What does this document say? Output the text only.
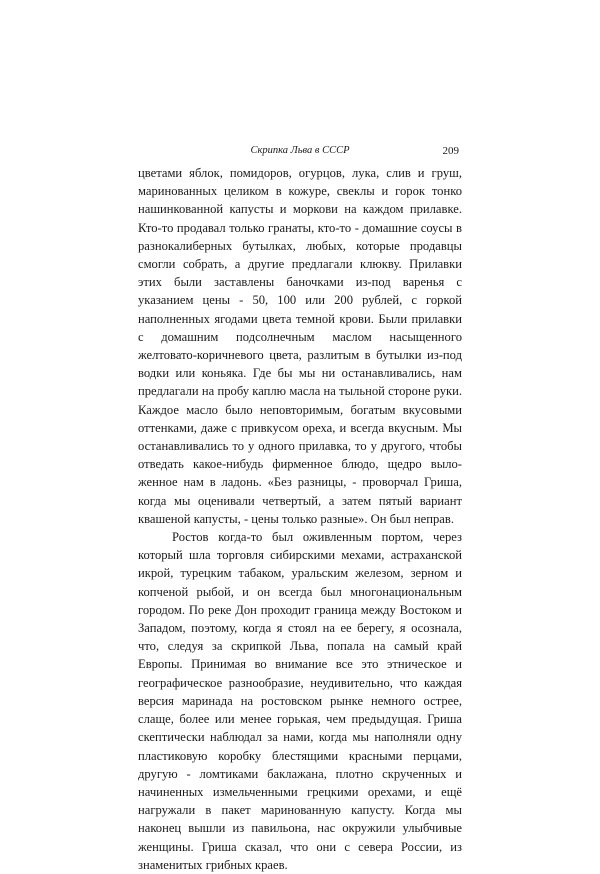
Скрипка Льва в СССР	209

цветами яблок, помидоров, огурцов, лука, слив и груш, маринованных целиком в кожуре, свеклы и горок тонко нашинкованной капусты и моркови на каждом прилавке. Кто-то продавал только гранаты, кто-то - домашние соусы в разнокалиберных бутылках, любых, которые продавцы смогли собрать, а другие предлагали клюкву. Прилавки этих были заставлены баночками из-под варенья с указанием цены - 50, 100 или 200 рублей, с горкой наполненных ягодами цвета темной крови. Были прилавки с домашним подсолнечным маслом насыщенного желтовато-коричневого цвета, разлитым в бутылки из-под водки или коньяка. Где бы мы ни останавливались, нам предлагали на пробу каплю масла на тыльной стороне руки. Каждое масло было неповторимым, богатым вкусовыми оттенками, даже с привкусом ореха, и всегда вкусным. Мы останавливались то у одного прилавка, то у другого, чтобы отведать какое-нибудь фирменное блюдо, щедро выложенное нам в ладонь. «Без разницы, - проворчал Гриша, когда мы оценивали четвертый, а затем пятый вариант квашеной капусты, - цены только разные». Он был неправ.

Ростов когда-то был оживленным портом, через который шла торговля сибирскими мехами, астраханской икрой, турецким табаком, уральским железом, зерном и копченой рыбой, и он всегда был многонациональным городом. По реке Дон проходит граница между Востоком и Западом, поэтому, когда я стоял на ее берегу, я осознала, что, следуя за скрипкой Льва, попала на самый край Европы. Принимая во внимание все это этническое и географическое разнообразие, неудивительно, что каждая версия маринада на ростовском рынке немного острее, слаще, более или менее горькая, чем предыдущая. Гриша скептически наблюдал за нами, когда мы наполняли одну пластиковую коробку блестящими красными перцами, другую - ломтиками баклажана, плотно скрученных и начиненных измельченными грецкими орехами, и ещё нагружали в пакет маринованную капусту. Когда мы наконец вышли из павильона, нас окружили улыбчивые женщины. Гриша сказал, что они с севера России, из знаменитых грибных краев.
